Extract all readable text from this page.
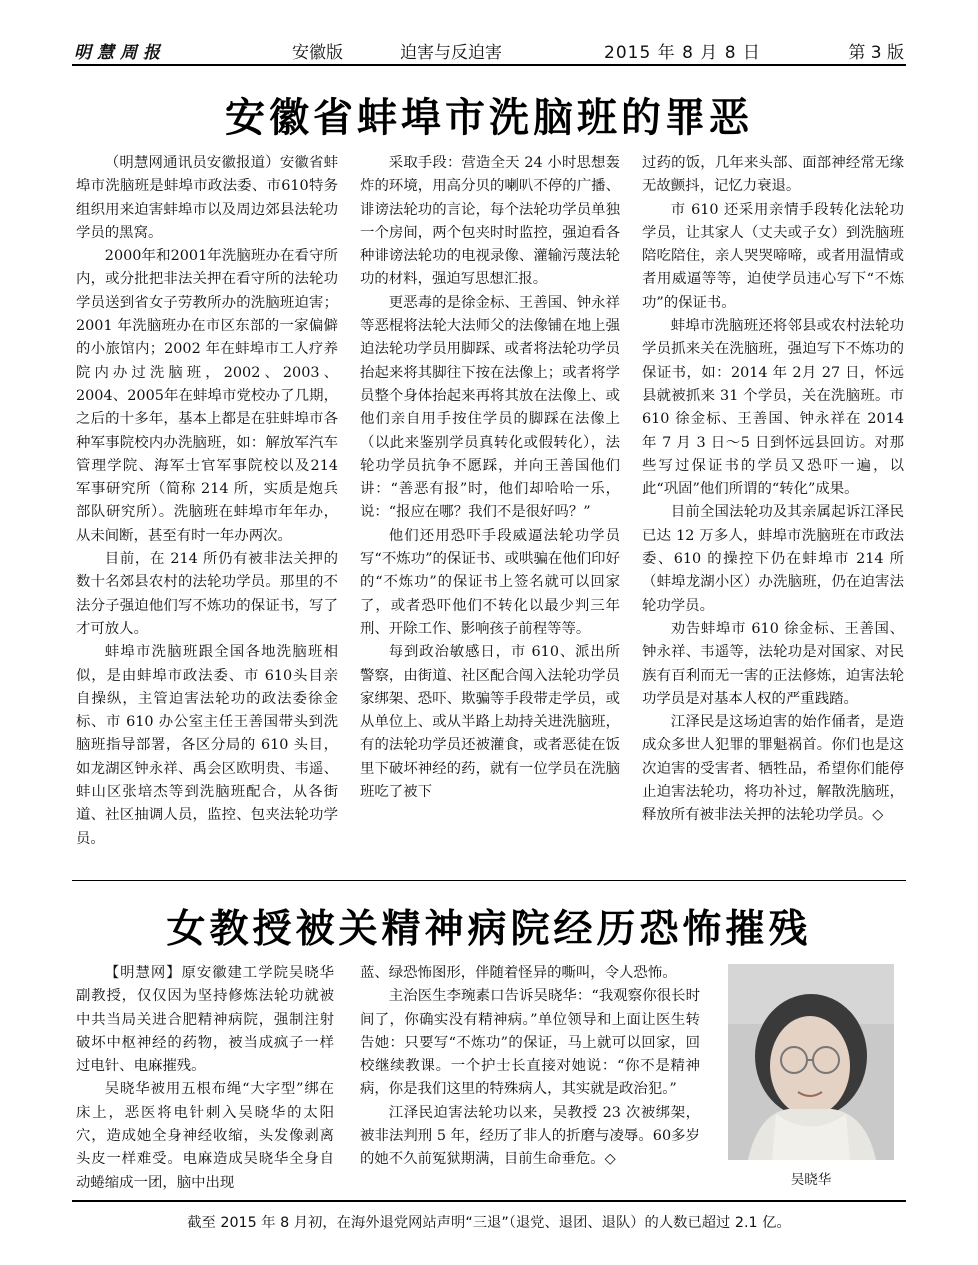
明慧周报	安徽版	迫害与反迫害	2015 年 8 月 8 日	第 3 版
安徽省蚌埠市洗脑班的罪恶

（明慧网通讯员安徽报道）安徽省蚌埠市洗脑班是蚌埠市政法委、市610特务组织用来迫害蚌埠市以及周边郊县法轮功学员的黑窝。

2000年和2001年洗脑班办在看守所内，或分批把非法关押在看守所的法轮功学员送到省女子劳教所办的洗脑班迫害；2001 年洗脑班办在市区东部的一家偏僻的小旅馆内；2002 年在蚌埠市工人疗养院内办过洗脑班，2002、2003、2004、2005年在蚌埠市党校办了几期，之后的十多年，基本上都是在驻蚌埠市各种军事院校内办洗脑班，如：解放军汽车管理学院、海军士官军事院校以及214 军事研究所（简称 214 所，实质是炮兵部队研究所）。洗脑班在蚌埠市年年办，从未间断，甚至有时一年办两次。

目前，在 214 所仍有被非法关押的数十名郊县农村的法轮功学员。那里的不法分子强迫他们写不炼功的保证书，写了才可放人。

蚌埠市洗脑班跟全国各地洗脑班相似，是由蚌埠市政法委、市 610头目亲自操纵，主管迫害法轮功的政法委徐金标、市 610 办公室主任王善国带头到洗脑班指导部署，各区分局的 610 头目，如龙湖区钟永祥、禹会区欧明贵、韦遥、蚌山区张培杰等到洗脑班配合，从各街道、社区抽调人员，监控、包夹法轮功学员。

采取手段：营造全天 24 小时思想轰炸的环境，用高分贝的喇叭不停的广播、诽谤法轮功的言论，每个法轮功学员单独一个房间，两个包夹时时监控，强迫看各种诽谤法轮功的电视录像、灌输污蔑法轮功的材料，强迫写思想汇报。

更恶毒的是徐金标、王善国、钟永祥等恶棍将法轮大法师父的法像铺在地上强迫法轮功学员用脚踩、或者将法轮功学员抬起来将其脚往下按在法像上；或者将学员整个身体抬起来再将其放在法像上、或他们亲自用手按住学员的脚踩在法像上（以此来鉴别学员真转化或假转化），法轮功学员抗争不愿踩，并向王善国他们讲：“善恶有报”时，他们却哈哈一乐，说：“报应在哪？我们不是很好吗？”

他们还用恐吓手段威逼法轮功学员写“不炼功”的保证书、或哄骗在他们印好的“不炼功”的保证书上签名就可以回家了，或者恐吓他们不转化以最少判三年刑、开除工作、影响孩子前程等等。

每到政治敏感日，市 610、派出所警察，由街道、社区配合闯入法轮功学员家绑架、恐吓、欺骗等手段带走学员，或从单位上、或从半路上劫持关进洗脑班，有的法轮功学员还被灌食，或者恶徒在饭里下破坏神经的药，就有一位学员在洗脑班吃了被下

过药的饭，几年来头部、面部神经常无缘无故颤抖，记忆力衰退。

市 610 还采用亲情手段转化法轮功学员，让其家人（丈夫或子女）到洗脑班陪吃陪住，亲人哭哭啼啼，或者用温情或者用威逼等等，迫使学员违心写下“不炼功”的保证书。

蚌埠市洗脑班还将邻县或农村法轮功学员抓来关在洗脑班，强迫写下不炼功的保证书，如：2014 年 2月 27 日，怀远县就被抓来 31 个学员，关在洗脑班。市 610 徐金标、王善国、钟永祥在 2014 年 7 月 3 日～5 日到怀远县回访。对那些写过保证书的学员又恐吓一遍，以此“巩固”他们所谓的“转化”成果。

目前全国法轮功及其亲属起诉江泽民已达 12 万多人，蚌埠市洗脑班在市政法委、610 的操控下仍在蚌埠市 214 所（蚌埠龙湖小区）办洗脑班，仍在迫害法轮功学员。

劝告蚌埠市 610 徐金标、王善国、钟永祥、韦遥等，法轮功是对国家、对民族有百利而无一害的正法修炼，迫害法轮功学员是对基本人权的严重践踏。

江泽民是这场迫害的始作俑者，是造成众多世人犯罪的罪魁祸首。你们也是这次迫害的受害者、牺牲品，希望你们能停止迫害法轮功，将功补过，解散洗脑班，释放所有被非法关押的法轮功学员。◇

女教授被关精神病院经历恐怖摧残

【明慧网】原安徽建工学院吴晓华副教授，仅仅因为坚持修炼法轮功就被中共当局关进合肥精神病院，强制注射破坏中枢神经的药物，被当成疯子一样过电针、电麻摧残。

吴晓华被用五根布绳“大字型”绑在床上，恶医将电针刺入吴晓华的太阳穴，造成她全身神经收缩，头发像剥离头皮一样难受。电麻造成吴晓华全身自动蜷缩成一团，脑中出现

蓝、绿恐怖图形，伴随着怪异的嘶叫，令人恐怖。

主治医生李琬素口告诉吴晓华：“我观察你很长时间了，你确实没有精神病。”单位领导和上面让医生转告她：只要写“不炼功”的保证，马上就可以回家，回校继续教课。一个护士长直接对她说：“你不是精神病，你是我们这里的特殊病人，其实就是政治犯。”

江泽民迫害法轮功以来，吴教授 23 次被绑架，被非法判刑 5 年，经历了非人的折磨与凌辱。60多岁的她不久前冤狱期满，目前生命垂危。◇

吴晓华
截至 2015 年 8 月初，在海外退党网站声明“三退”（退党、退团、退队）的人数已超过 2.1 亿。
